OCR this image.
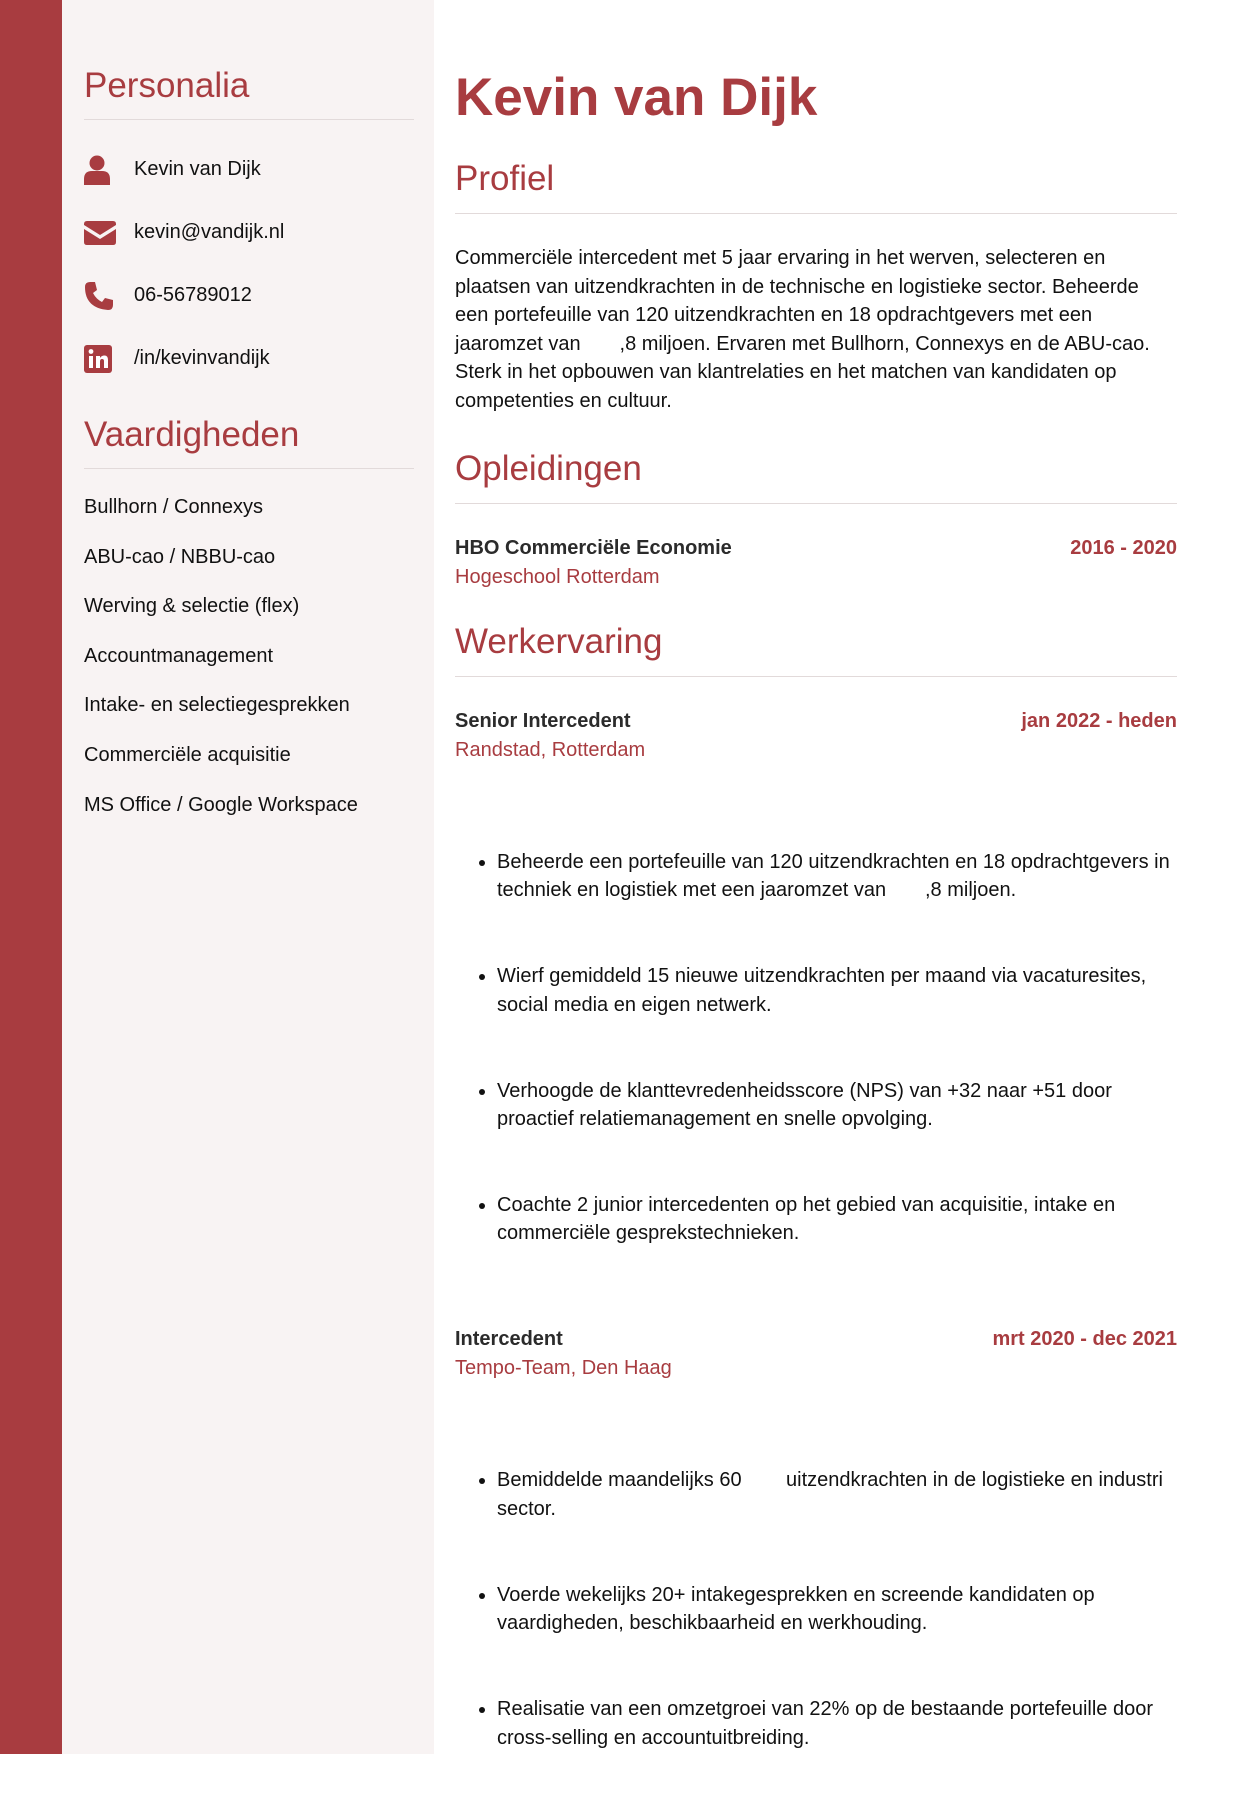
Personalia
Kevin van Dijk
kevin@vandijk.nl
06-56789012
/in/kevinvandijk
Vaardigheden
Bullhorn / Connexys
ABU-cao / NBBU-cao
Werving & selectie (flex)
Accountmanagement
Intake- en selectiegesprekken
Commerciële acquisitie
MS Office / Google Workspace
Kevin van Dijk
Profiel
Commerciële intercedent met 5 jaar ervaring in het werven, selecteren en plaatsen van uitzendkrachten in de technische en logistieke sector. Beheerde een portefeuille van 120 uitzendkrachten en 18 opdrachtgevers met een jaaromzet van       ,8 miljoen. Ervaren met Bullhorn, Connexys en de ABU-cao. Sterk in het opbouwen van klantrelaties en het matchen van kandidaten op competenties en cultuur.
Opleidingen
HBO Commerciële Economie	2016 - 2020
Hogeschool Rotterdam
Werkervaring
Senior Intercedent	jan 2022 - heden
Randstad, Rotterdam

• Beheerde een portefeuille van 120 uitzendkrachten en 18 opdrachtgevers in techniek en logistiek met een jaaromzet van       ,8 miljoen.

• Wierf gemiddeld 15 nieuwe uitzendkrachten per maand via vacaturesites, social media en eigen netwerk.

• Verhoogde de klanttevredenheidsscore (NPS) van +32 naar +51 door proactief relatiemanagement en snelle opvolging.

• Coachte 2 junior intercedenten op het gebied van acquisitie, intake en commerciële gesprekstechnieken.

Intercedent	mrt 2020 - dec 2021
Tempo-Team, Den Haag

• Bemiddelde maandelijks 60        uitzendkrachten in de logistieke en industri       sector.

• Voerde wekelijks 20+ intakegesprekken en screende kandidaten op vaardigheden, beschikbaarheid en werkhouding.

• Realisatie van een omzetgroei van 22% op de bestaande portefeuille door cross-selling en accountuitbreiding.
